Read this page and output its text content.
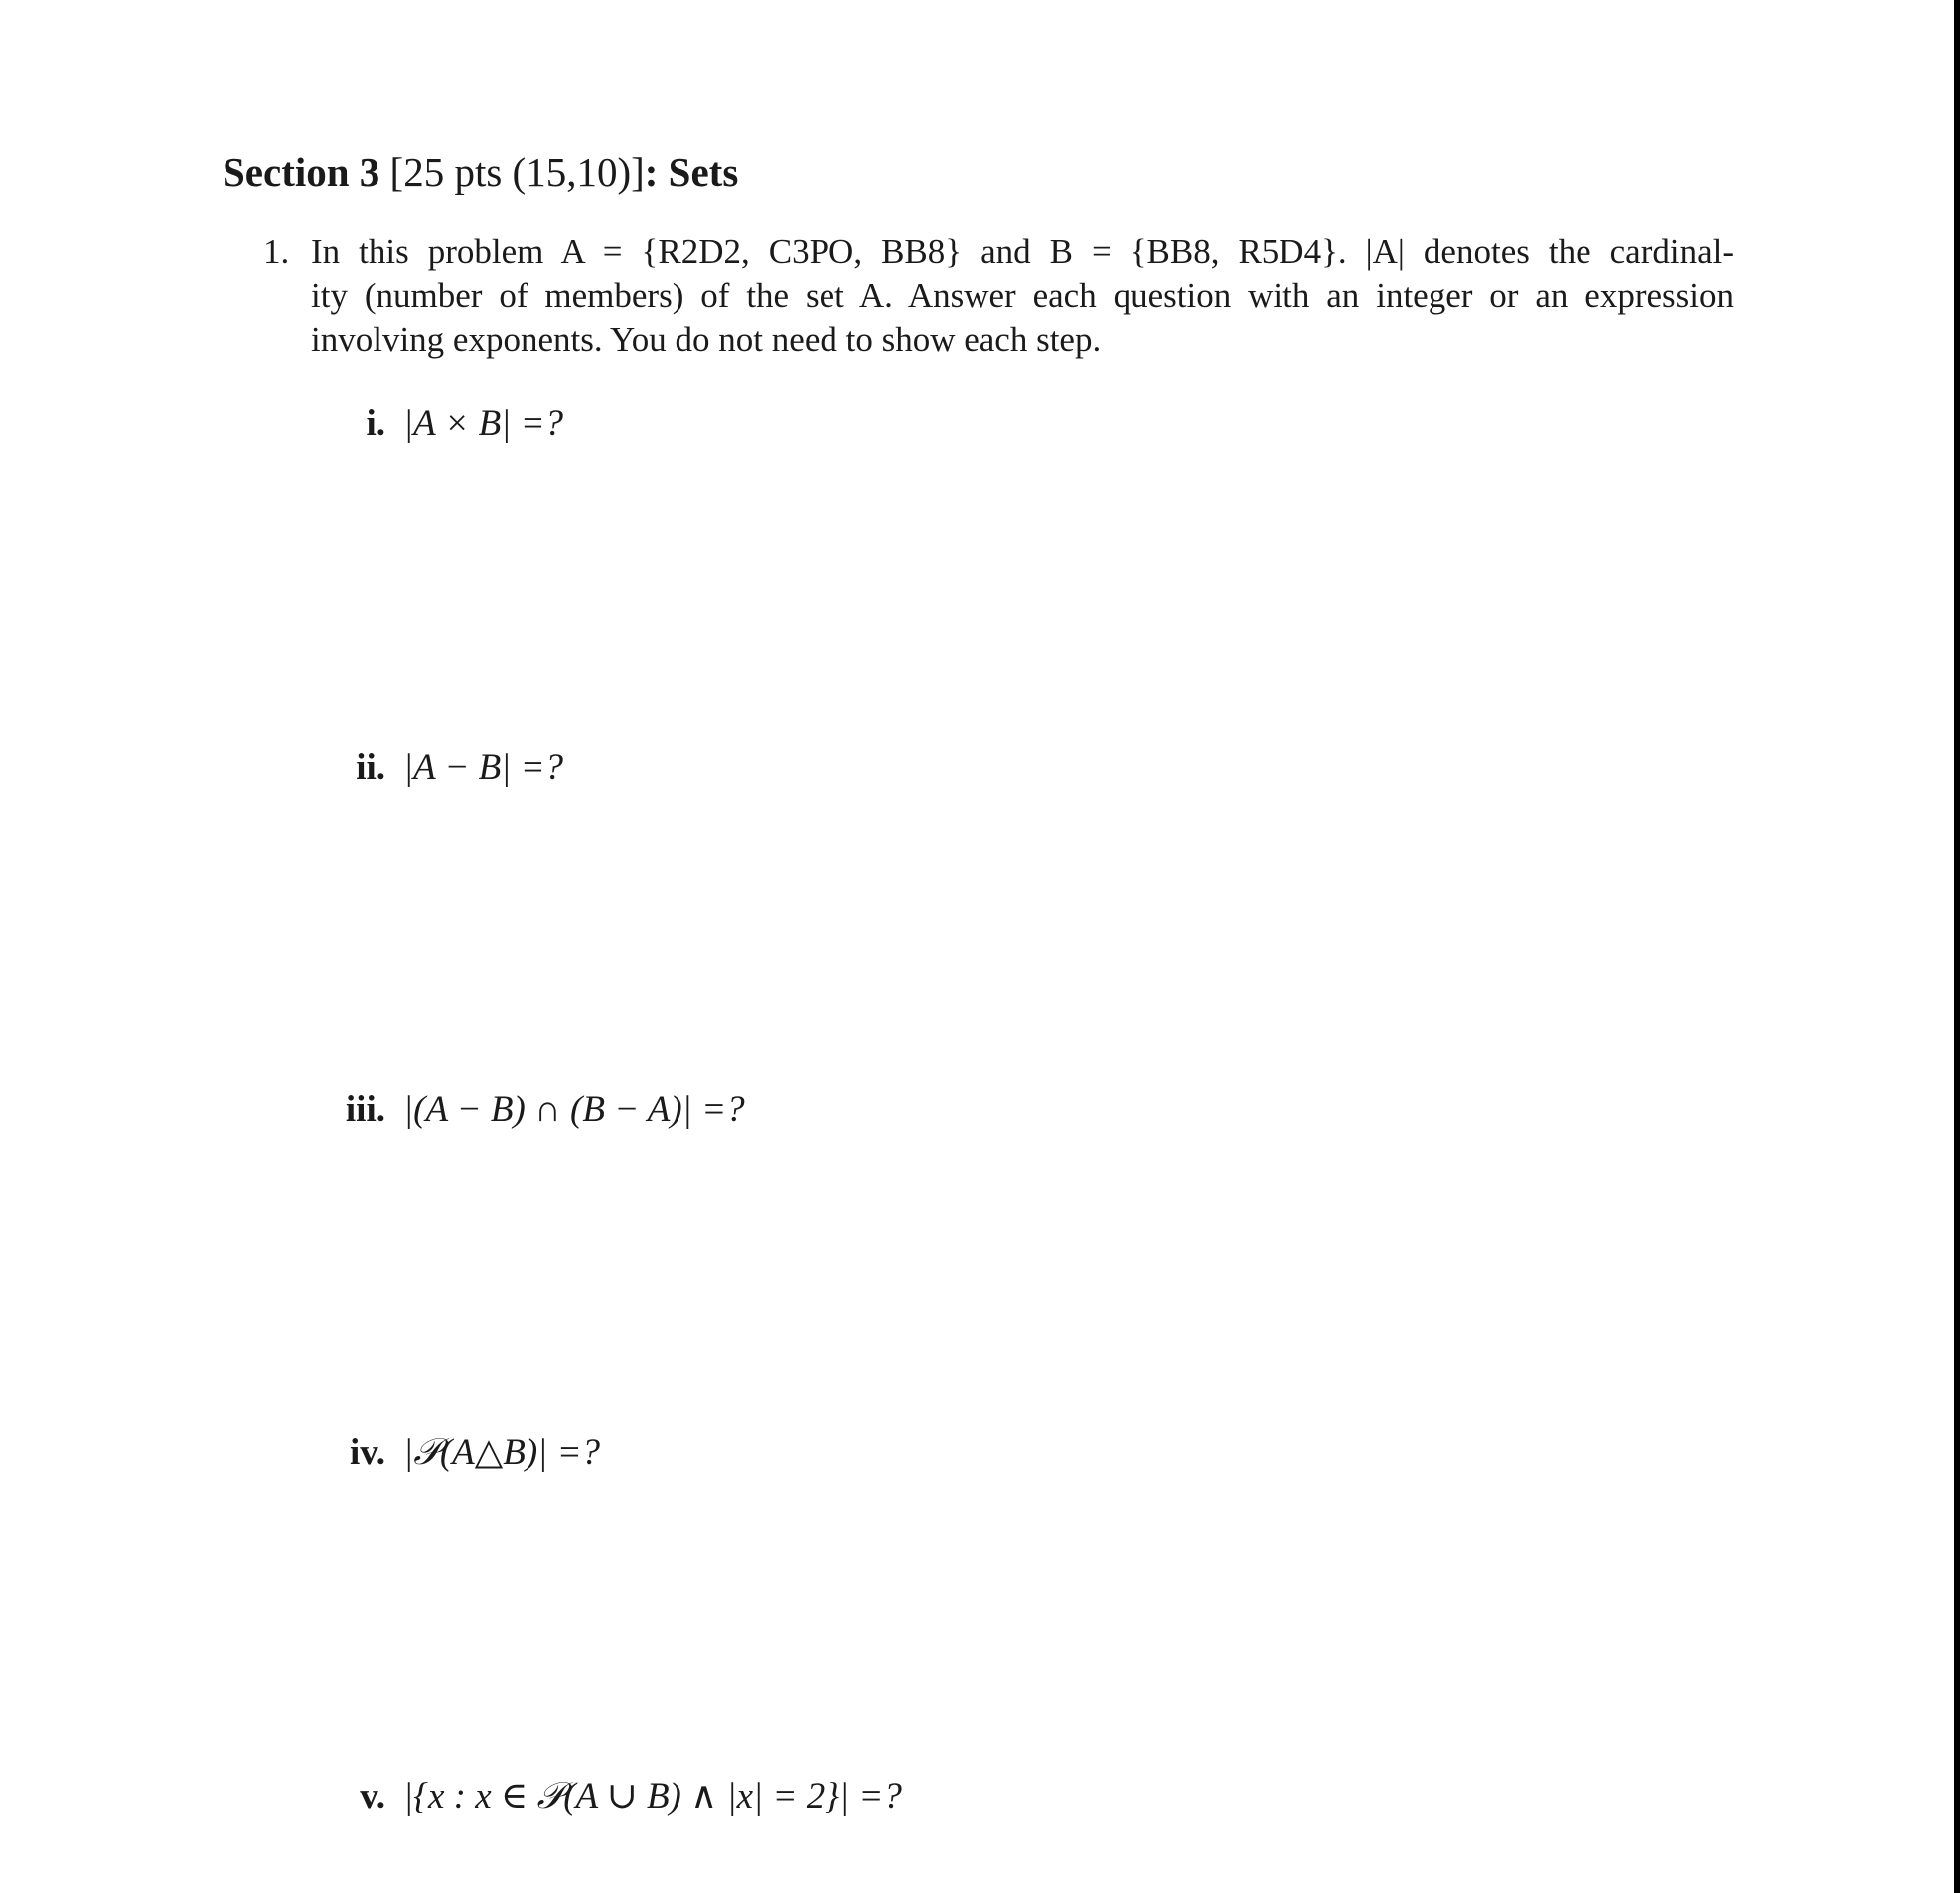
Section 3 [25 pts (15,10)]: Sets
1. In this problem A = {R2D2, C3PO, BB8} and B = {BB8, R5D4}. |A| denotes the cardinal-
ity (number of members) of the set A. Answer each question with an integer or an expression
involving exponents. You do not need to show each step.
i. |A × B| =?
ii. |A − B| =?
iii. |(A − B) ∩ (B − A)| =?
iv. |𝒫(A△B)| =?
v. |{x : x ∈ 𝒫(A ∪ B) ∧ |x| = 2}| =?
